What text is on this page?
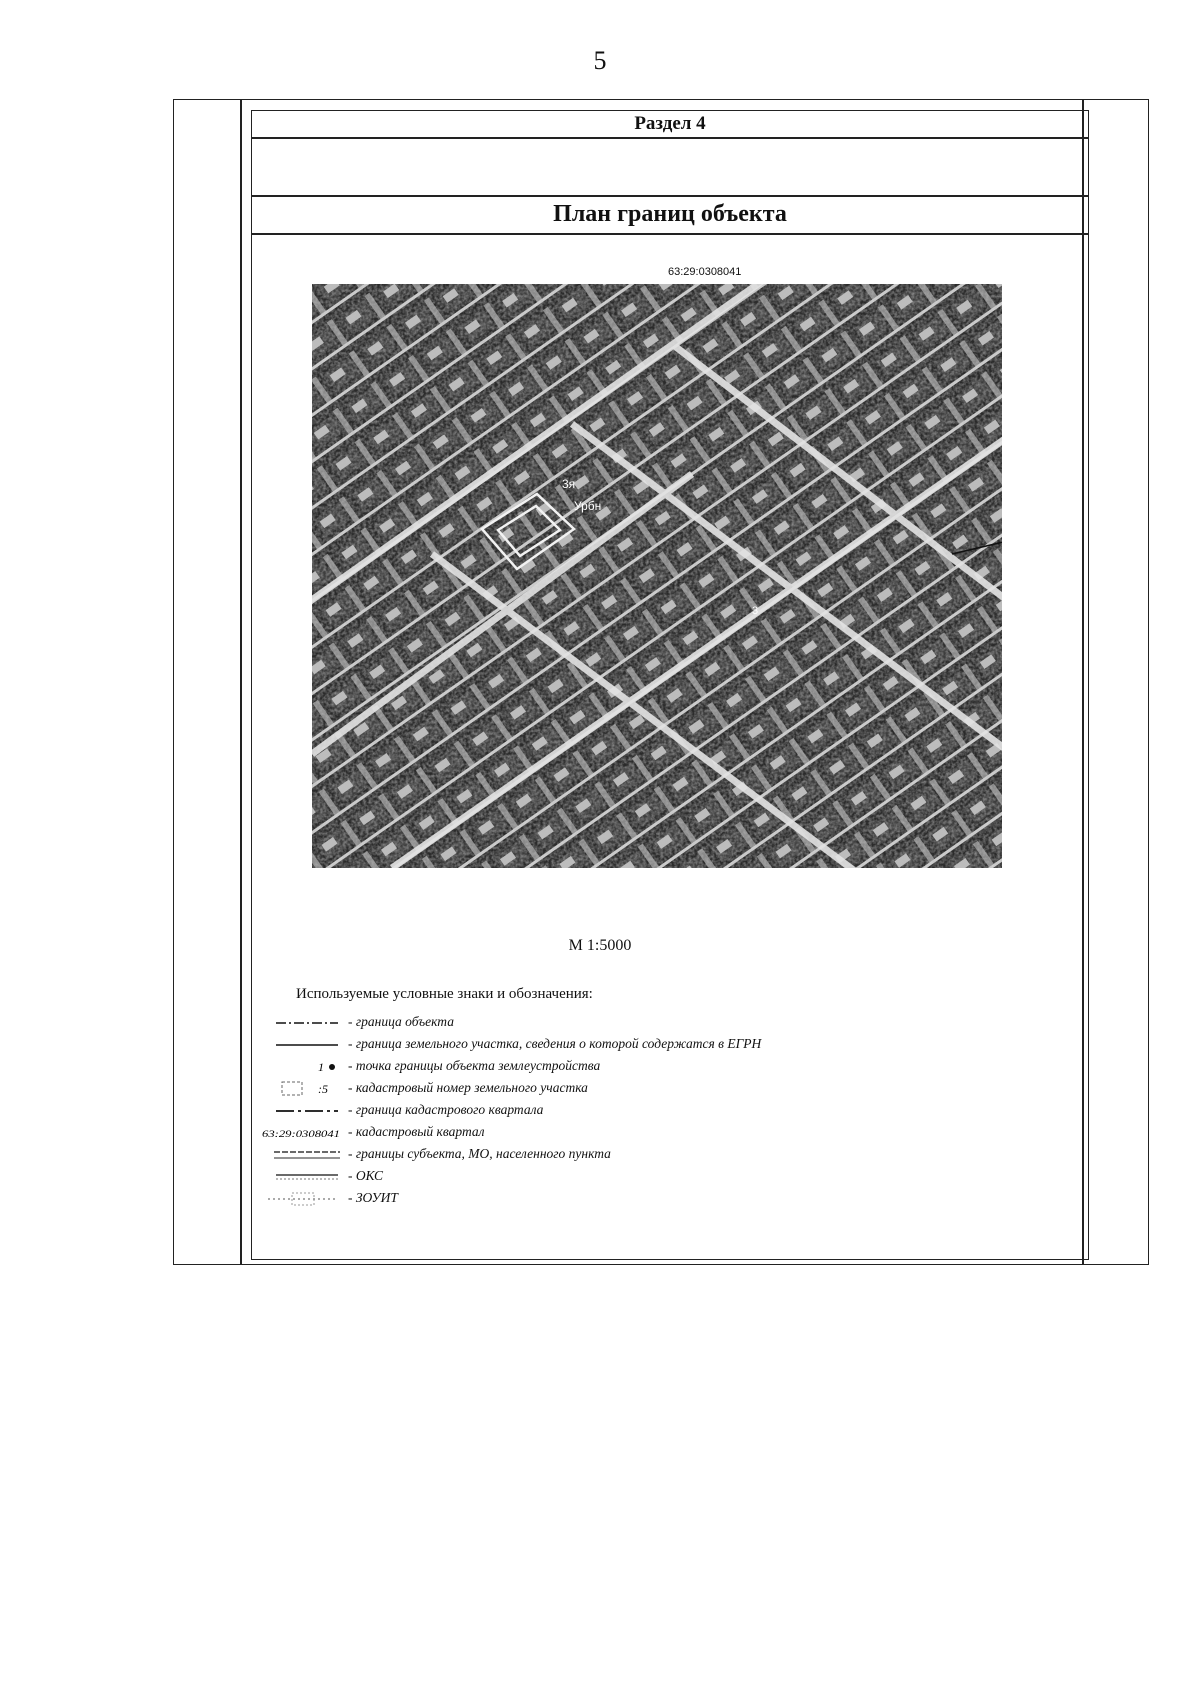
5
Раздел 4
План границ объекта
63:29:0308041
3я
Урбн
3
М 1:5000
Используемые условные знаки и обозначения:
- граница объекта
- граница земельного участка, сведения о которой содержатся в ЕГРН
1 - точка границы объекта землеустройства
:5 - кадастровый номер земельного участка
- граница кадастрового квартала
63:29:0308041 - кадастровый квартал
- границы субъекта, МО, населенного пункта
- ОКС
- ЗОУИТ
